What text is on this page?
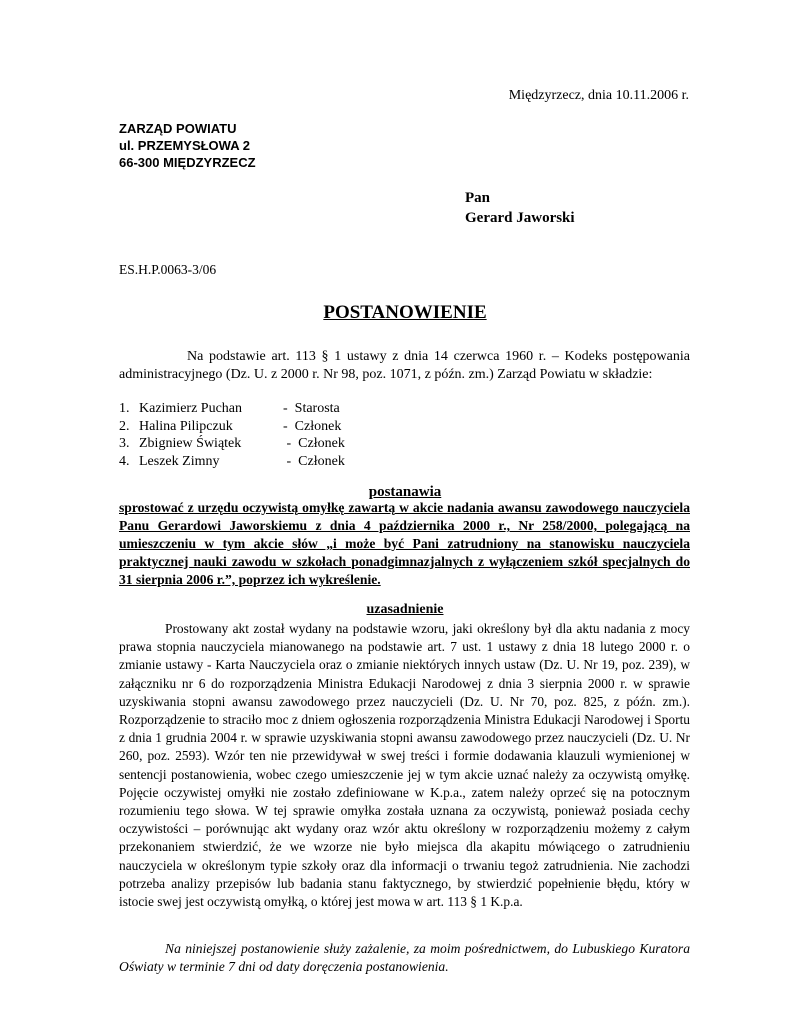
Międzyrzecz, dnia 10.11.2006 r.
ZARZĄD POWIATU
ul. PRZEMYSŁOWA 2
66-300 MIĘDZYRZECZ
Pan
Gerard Jaworski
ES.H.P.0063-3/06
POSTANOWIENIE
Na podstawie art. 113 § 1 ustawy z dnia 14 czerwca 1960 r. – Kodeks postępowania administracyjnego (Dz. U. z 2000 r. Nr 98, poz. 1071, z późn. zm.) Zarząd Powiatu w składzie:
1. Kazimierz Puchan	-  Starosta
2. Halina Pilipczuk	-  Członek
3. Zbigniew Świątek	-  Członek
4. Leszek Zimny	-  Członek
postanawia
sprostować z urzędu oczywistą omyłkę zawartą w akcie nadania awansu zawodowego nauczyciela Panu Gerardowi Jaworskiemu z dnia 4 października 2000 r., Nr 258/2000, polegającą na umieszczeniu w tym akcie słów „i może być Pani zatrudniony na stanowisku nauczyciela praktycznej nauki zawodu w szkołach ponadgimnazjalnych z wyłączeniem szkół specjalnych do 31 sierpnia 2006 r.”, poprzez ich wykreślenie.
uzasadnienie
Prostowany akt został wydany na podstawie wzoru, jaki określony był dla aktu nadania z mocy prawa stopnia nauczyciela mianowanego na podstawie art. 7 ust. 1 ustawy z dnia 18 lutego 2000 r. o zmianie ustawy - Karta Nauczyciela oraz o zmianie niektórych innych ustaw (Dz. U. Nr 19, poz. 239), w załączniku nr 6 do rozporządzenia Ministra Edukacji Narodowej z dnia 3 sierpnia 2000 r. w sprawie uzyskiwania stopni awansu zawodowego przez nauczycieli (Dz. U. Nr 70, poz. 825, z późn. zm.). Rozporządzenie to straciło moc z dniem ogłoszenia rozporządzenia Ministra Edukacji Narodowej i Sportu z dnia 1 grudnia 2004 r. w sprawie uzyskiwania stopni awansu zawodowego przez nauczycieli (Dz. U. Nr 260, poz. 2593). Wzór ten nie przewidywał w swej treści i formie dodawania klauzuli wymienionej w sentencji postanowienia, wobec czego umieszczenie jej w tym akcie uznać należy za oczywistą omyłkę. Pojęcie oczywistej omyłki nie zostało zdefiniowane w K.p.a., zatem należy oprzeć się na potocznym rozumieniu tego słowa. W tej sprawie omyłka została uznana za oczywistą, ponieważ posiada cechy oczywistości – porównując akt wydany oraz wzór aktu określony w rozporządzeniu możemy z całym przekonaniem stwierdzić, że we wzorze nie było miejsca dla akapitu mówiącego o zatrudnieniu nauczyciela w określonym typie szkoły oraz dla informacji o trwaniu tegoż zatrudnienia. Nie zachodzi potrzeba analizy przepisów lub badania stanu faktycznego, by stwierdzić popełnienie błędu, który w istocie swej jest oczywistą omyłką, o której jest mowa w art. 113 § 1 K.p.a.
Na niniejszej postanowienie służy zażalenie, za moim pośrednictwem, do Lubuskiego Kuratora Oświaty w terminie 7 dni od daty doręczenia postanowienia.
